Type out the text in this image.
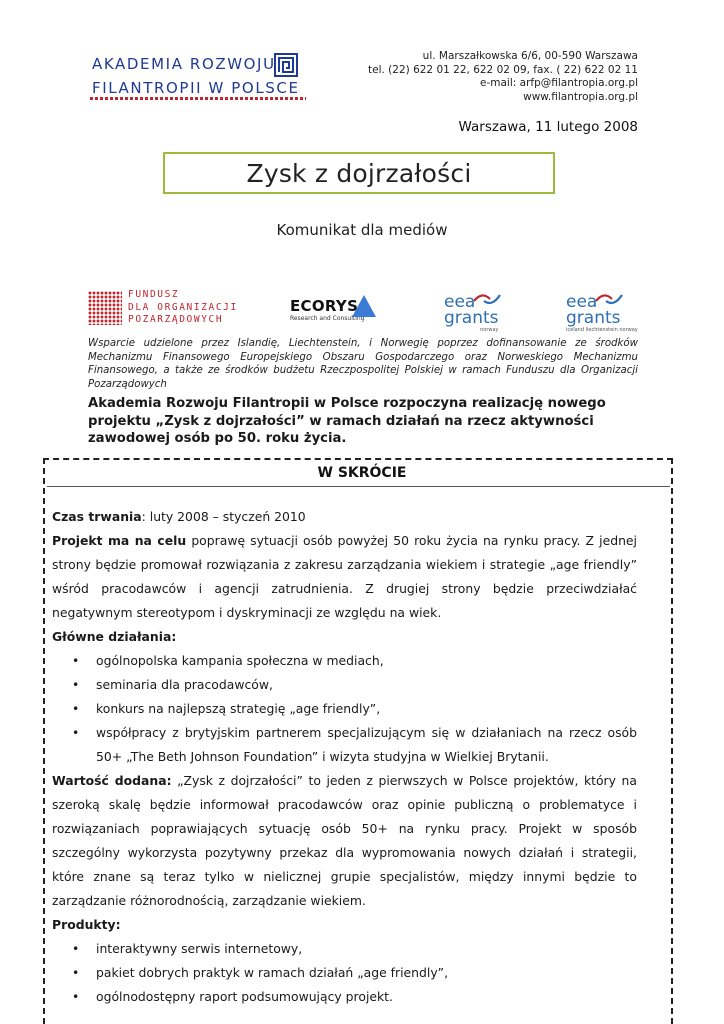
AKADEMIA ROZWOJU
FILANTROPII W POLSCE
ul. Marszałkowska 6/6, 00-590 Warszawa
tel. (22) 622 01 22, 622 02 09, fax. ( 22) 622 02 11
e-mail: arfp@filantropia.org.pl
www.filantropia.org.pl
Warszawa, 11 lutego 2008
Zysk z dojrzałości
Komunikat dla mediów
FUNDUSZ
DLA ORGANIZACJI
POZARZĄDOWYCH
ECORYS
Research and Consulting
eea
grants
norway
eea
grants
iceland liechtenstein norway
Wsparcie udzielone przez Islandię, Liechtenstein, i Norwegię poprzez dofinansowanie ze środków Mechanizmu Finansowego Europejskiego Obszaru Gospodarczego oraz Norweskiego Mechanizmu Finansowego, a także ze środków budżetu Rzeczpospolitej Polskiej w ramach Funduszu dla Organizacji Pozarządowych
Akademia Rozwoju Filantropii w Polsce rozpoczyna realizację nowego projektu „Zysk z dojrzałości” w ramach działań na rzecz aktywności zawodowej osób po 50. roku życia.
W SKRÓCIE

Czas trwania: luty 2008 – styczeń 2010

Projekt ma na celu poprawę sytuacji osób powyżej 50 roku życia na rynku pracy. Z jednej strony będzie promował rozwiązania z zakresu zarządzania wiekiem i strategie „age friendly” wśród pracodawców i agencji zatrudnienia. Z drugiej strony będzie przeciwdziałać negatywnym stereotypom i dyskryminacji ze względu na wiek.

Główne działania:

• ogólnopolska kampania społeczna w mediach,
• seminaria dla pracodawców,
• konkurs na najlepszą strategię „age friendly”,
• współpracy z brytyjskim partnerem specjalizującym się w działaniach na rzecz osób 50+ „The Beth Johnson Foundation” i wizyta studyjna w Wielkiej Brytanii.

Wartość dodana: „Zysk z dojrzałości” to jeden z pierwszych w Polsce projektów, który na szeroką skalę będzie informował pracodawców oraz opinie publiczną o problematyce i rozwiązaniach poprawiających sytuację osób 50+ na rynku pracy. Projekt w sposób szczególny wykorzysta pozytywny przekaz dla wypromowania nowych działań i strategii, które znane są teraz tylko w nielicznej grupie specjalistów, między innymi będzie to zarządzanie różnorodnością, zarządzanie wiekiem.

Produkty:

• interaktywny serwis internetowy,
• pakiet dobrych praktyk w ramach działań „age friendly”,
• ogólnodostępny raport podsumowujący projekt.
